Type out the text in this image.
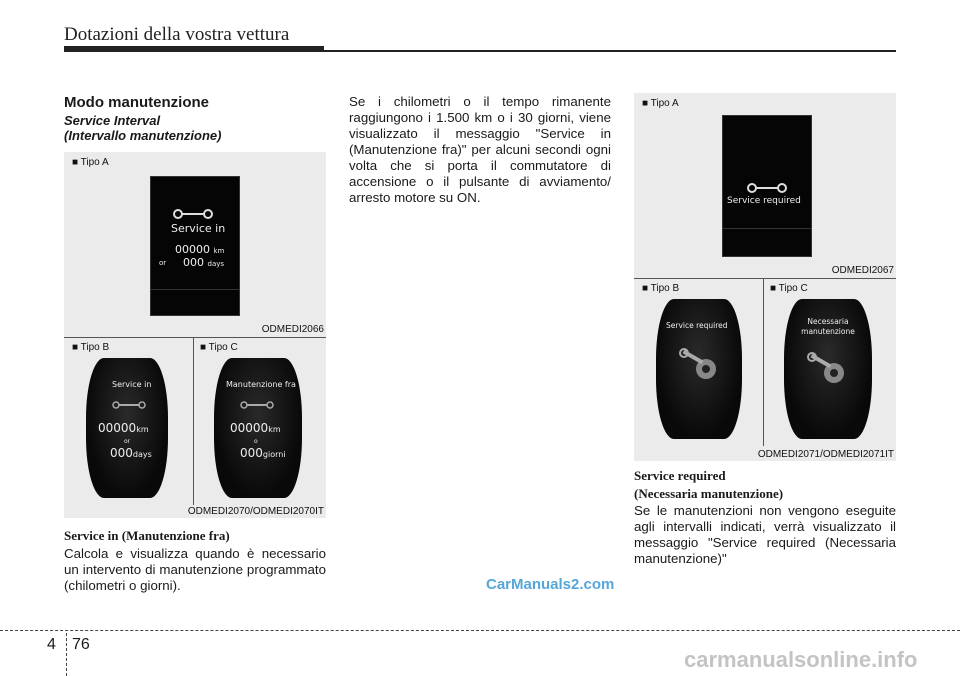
Dotazioni della vostra vettura
Modo manutenzione
Service Interval
(Intervallo manutenzione)
■ Tipo A
Service in
00000 km
or 000 days
ODMEDI2066
■ Tipo B	■ Tipo C
Service in
00000km
or
000days
Manutenzione fra
00000km
o
000giorni
ODMEDI2070/ODMEDI2070IT
Service in (Manutenzione fra)
Calcola e visualizza quando è necessario un intervento di manutenzione programmato (chilometri o giorni).
Se i chilometri o il tempo rimanente raggiungono i 1.500 km o i 30 giorni, viene visualizzato il messaggio "Service in (Manutenzione fra)" per alcuni secondi ogni volta che si porta il commutatore di accensione o il pulsante di avviamento/ arresto motore su ON.
■ Tipo A
Service required
ODMEDI2067
■ Tipo B	■ Tipo C
Service required	Necessaria manutenzione
ODMEDI2071/ODMEDI2071IT
Service required
(Necessaria manutenzione)
Se le manutenzioni non vengono eseguite agli intervalli indicati, verrà visualizzato il messaggio "Service required (Necessaria manutenzione)"
CarManuals2.com
4 76
carmanualsonline.info
